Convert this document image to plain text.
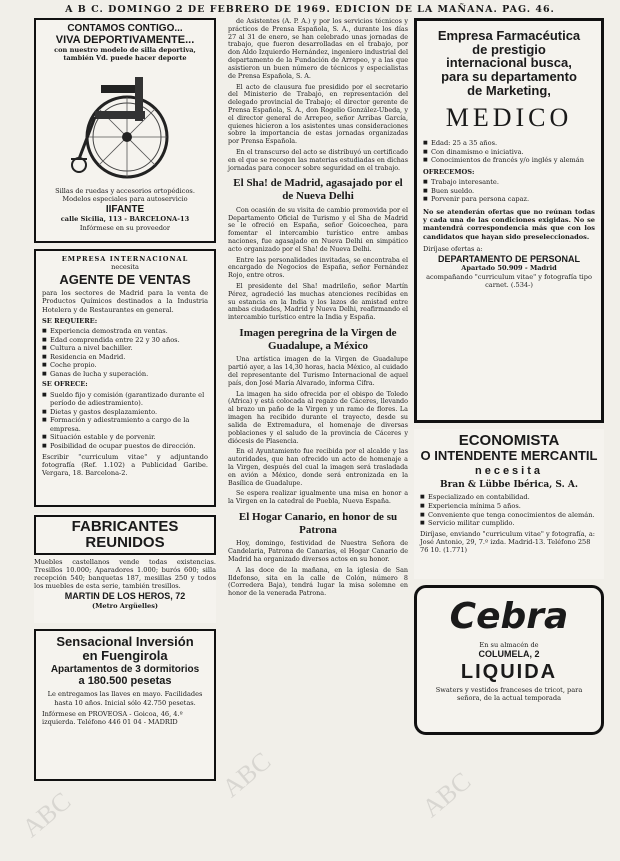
A B C. DOMINGO 2 DE FEBRERO DE 1969. EDICION DE LA MAÑANA. PAG. 46.
CONTAMOS CONTIGO...
VIVA DEPORTIVAMENTE...
con nuestro modelo de silla deportiva, también Vd. puede hacer deporte
Sillas de ruedas y accesorios ortopédicos. Modelos especiales para autoservicio
IIFANTE
calle Sicilia, 113 - BARCELONA-13
Infórmese en su proveedor
EMPRESA INTERNACIONAL
necesita
AGENTE DE VENTAS
para los sectores de Madrid para la venta de Productos Químicos destinados a la Industria Hotelera y de Restaurantes en general.
SE REQUIERE:
■ Experiencia demostrada en ventas.
■ Edad comprendida entre 22 y 30 años.
■ Cultura a nivel bachiller.
■ Residencia en Madrid.
■ Coche propio.
■ Ganas de lucha y superación.
SE OFRECE:
■ Sueldo fijo y comisión (garantizado durante el período de adiestramiento).
■ Dietas y gastos desplazamiento.
■ Formación y adiestramiento a cargo de la empresa.
■ Situación estable y de porvenir.
■ Posibilidad de ocupar puestos de dirección.
Escribir "curriculum vitae" y adjuntando fotografía (Ref. 1.102) a Publicidad Garibe. Vergara, 18. Barcelona-2.
FABRICANTES REUNIDOS
Muebles castellanos vende todas existencias. Tresillos 10.000; Aparadores 1.000; burós 600; silla recepción 540; banquetas 187, mesillas 250 y todos los muebles de esta serie, también tresillos.
MARTIN DE LOS HEROS, 72
(Metro Argüelles)
Sensacional Inversión
en Fuengirola
Apartamentos de 3 dormitorios
a 180.500 pesetas
Le entregamos las llaves en mayo. Facilidades hasta 10 años. Inicial sólo 42.750 pesetas.
Infórmese en PROVEOSA - Goicoa, 46, 4.º izquierda. Teléfono 446 01 04 - MADRID

de Asistentes (A. P. A.) y por los servicios técnicos y prácticos de Prensa Española, S. A., durante los días 27 al 31 de enero, se han celebrado unas jornadas de trabajo, que fueron desarrolladas en el trabajo, por don Aldo Izquierdo Hernández, ingeniero industrial del departamento de la Fundación de Arrepeo, y a las que asistieron un buen número de técnicos y especialistas de Prensa Española, S. A.

El acto de clausura fue presidido por el secretario del Ministerio de Trabajo, en representación del delegado provincial de Trabajo; el director gerente de Prensa Española, S. A., don Rogelio González-Ubeda, y el director general de Arrepeo, señor Arribas García, quienes hicieron a los asistentes unas consideraciones sobre la importancia de estas jornadas organizadas por Prensa Española.

En el transcurso del acto se distribuyó un certificado en el que se recogen las materias estudiadas en dichas jornadas para conocer sobre seguridad en el trabajo.

El Sha! de Madrid, agasajado por el de Nueva Delhi

Con ocasión de su visita de cambio promovida por el Departamento Oficial de Turismo y el Sha de Madrid se le ofreció en España, señor Goicoechea, para fomentar el intercambio turístico entre ambas naciones, fue agasajado en Nueva Delhi en simpático acto organizado por el Sha! de Nueva Delhi.

Entre las personalidades invitadas, se encontraba el encargado de Negocios de España, señor Fernández Rojo, entre otros.

El presidente del Sha! madrileño, señor Martín Pérez, agradeció las muchas atenciones recibidas en su estancia en la India y los lazos de amistad entre ambas ciudades, Madrid y Nueva Delhi, reafirmando el intercambio turístico entre la India y España.

Imagen peregrina de la Virgen de Guadalupe, a México

Una artística imagen de la Virgen de Guadalupe partió ayer, a las 14,30 horas, hacia México, al cuidado del representante del Turismo Internacional de aquel país, don José María Alvarado, informa Cifra.

La imagen ha sido ofrecida por el obispo de Toledo (Africa) y está colocada al regazo de Cáceres, llevando al brazo un paño de la Virgen y un ramo de flores. La imagen ha recibido durante el trayecto, desde su salida de Extremadura, el homenaje de diversas poblaciones y el saludo de la provincia de Cáceres y diócesis de Plasencia.

En el Ayuntamiento fue recibida por el alcalde y las autoridades, que han ofrecido un acto de homenaje a la Virgen, después del cual la imagen será trasladada en avión a México, donde será entronizada en la Basílica de Guadalupe.

Se espera realizar igualmente una misa en honor a la Virgen en la catedral de Puebla, Nueva España.

El Hogar Canario, en honor de su Patrona

Hoy, domingo, festividad de Nuestra Señora de Candelaria, Patrona de Canarias, el Hogar Canario de Madrid ha organizado diversos actos en su honor.

A las doce de la mañana, en la iglesia de San Ildefonso, sita en la calle de Colón, número 8 (Corredera Baja), tendrá lugar la misa solemne en honor de la venerada Patrona.

Empresa Farmacéutica
de prestigio
internacional busca,
para su departamento
de Marketing,
MEDICO
■ Edad: 25 a 35 años.
■ Con dinamismo e iniciativa.
■ Conocimientos de francés y/o inglés y alemán
OFRECEMOS:
■ Trabajo interesante.
■ Buen sueldo.
■ Porvenir para persona capaz.
No se atenderán ofertas que no reúnan todas y cada una de las condiciones exigidas. No se mantendrá correspondencia más que con los candidatos que hayan sido preseleccionados.
Diríjase ofertas a:
DEPARTAMENTO DE PERSONAL
Apartado 50.909 - Madrid
acompañando "curriculum vitae" y fotografía tipo carnet. (.534-)
ECONOMISTA
O INTENDENTE MERCANTIL
necesita
Bran & Lübbe Ibérica, S. A.
■ Especializado en contabilidad.
■ Experiencia mínima 5 años.
■ Conveniente que tenga conocimientos de alemán.
■ Servicio militar cumplido.
Diríjase, enviando "curriculum vitae" y fotografía, a: José Antonio, 29, 7.º izda. Madrid-13. Teléfono 258 76 10. (1.771)
Cebra
En su almacén de
COLUMELA, 2
LIQUIDA
Swaters y vestidos franceses de tricot, para señora, de la actual temporada
ABC
ABC	ABC
